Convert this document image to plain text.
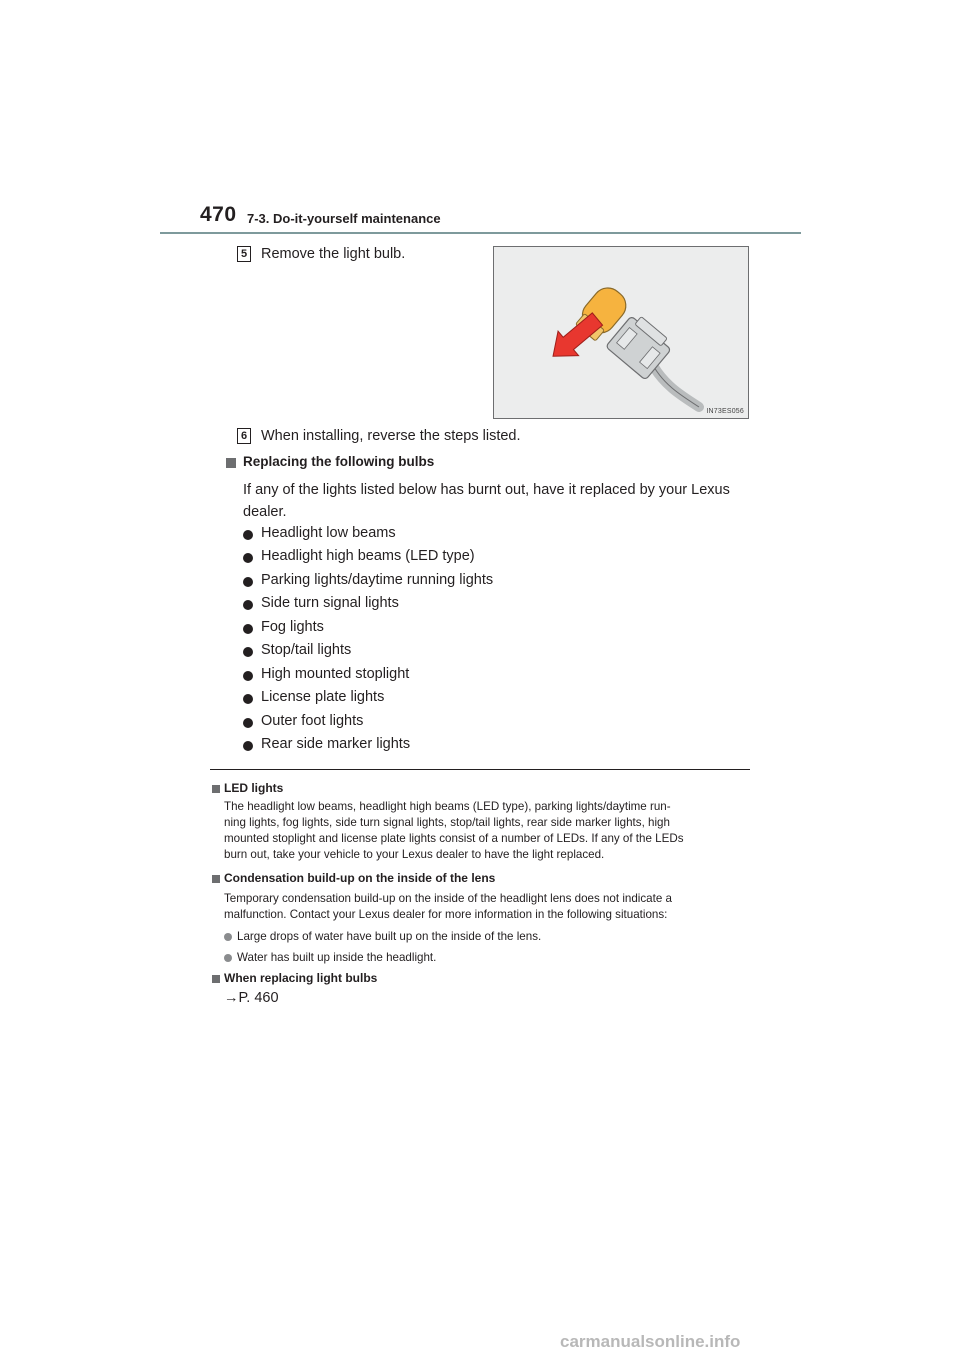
470 7-3. Do-it-yourself maintenance
5 Remove the light bulb.
IN73ES056
6 When installing, reverse the steps listed.
Replacing the following bulbs
If any of the lights listed below has burnt out, have it replaced by your Lexus
dealer.
Headlight low beams
Headlight high beams (LED type)
Parking lights/daytime running lights
Side turn signal lights
Fog lights
Stop/tail lights
High mounted stoplight
License plate lights
Outer foot lights
Rear side marker lights
LED lights
The headlight low beams, headlight high beams (LED type), parking lights/daytime run-
ning lights, fog lights, side turn signal lights, stop/tail lights, rear side marker lights, high
mounted stoplight and license plate lights consist of a number of LEDs. If any of the LEDs
burn out, take your vehicle to your Lexus dealer to have the light replaced.
Condensation build-up on the inside of the lens
Temporary condensation build-up on the inside of the headlight lens does not indicate a
malfunction. Contact your Lexus dealer for more information in the following situations:
Large drops of water have built up on the inside of the lens.
Water has built up inside the headlight.
When replacing light bulbs
→P. 460
carmanualsonline.info
